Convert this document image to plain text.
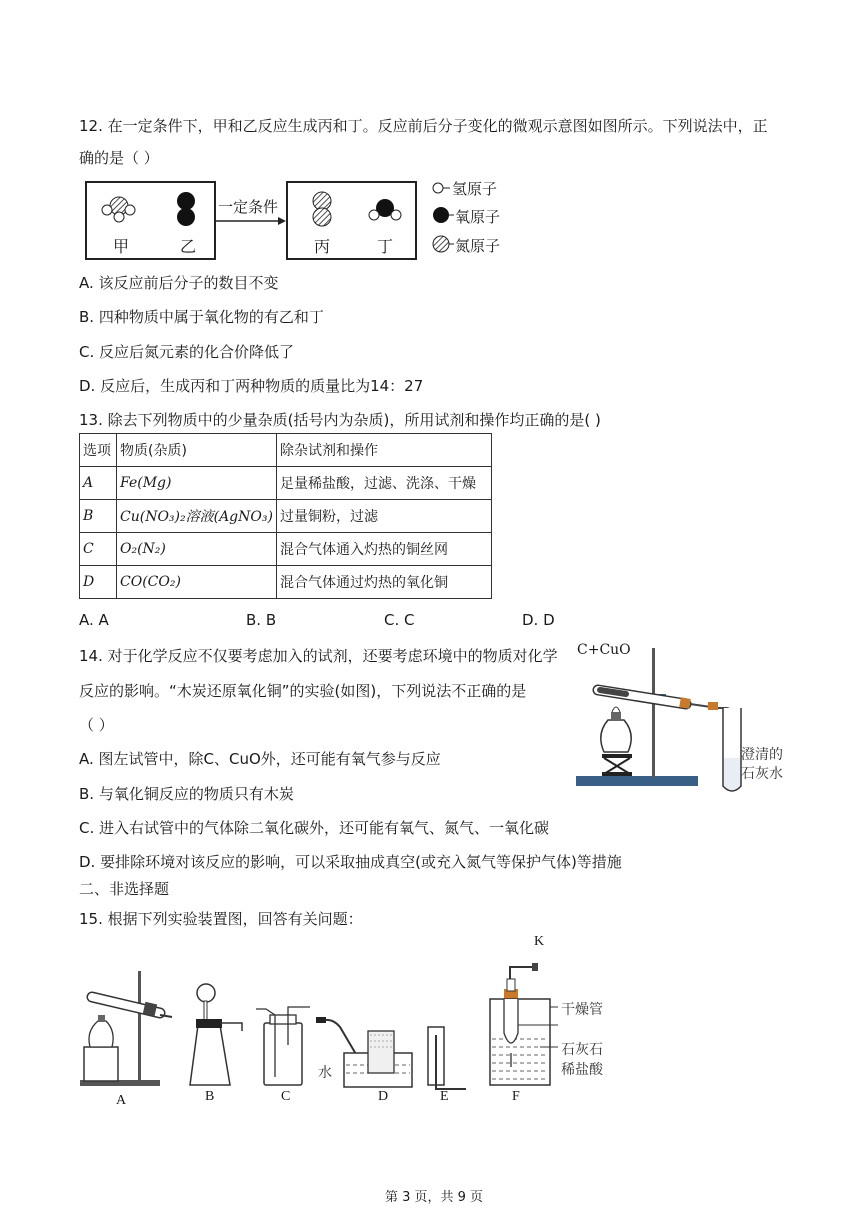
12. 在一定条件下，甲和乙反应生成丙和丁。反应前后分子变化的微观示意图如图所示。下列说法中，正
确的是（ ）
甲	乙
一定条件
丙	丁
氢原子
氧原子
氮原子
A. 该反应前后分子的数目不变
B. 四种物质中属于氧化物的有乙和丁
C. 反应后氮元素的化合价降低了
D. 反应后，生成丙和丁两种物质的质量比为14：27
13. 除去下列物质中的少量杂质(括号内为杂质)，所用试剂和操作均正确的是( )
选项	物质(杂质)	除杂试剂和操作
A	Fe(Mg)	足量稀盐酸，过滤、洗涤、干燥
B	Cu(NO₃)₂溶液(AgNO₃)	过量铜粉，过滤
C	O₂(N₂)	混合气体通入灼热的铜丝网
D	CO(CO₂)	混合气体通过灼热的氧化铜
A. A	B. B	C. C	D. D
14. 对于化学反应不仅要考虑加入的试剂，还要考虑环境中的物质对化学
反应的影响。“木炭还原氧化铜”的实验(如图)，下列说法不正确的是
（ ）
C+CuO
澄清的
石灰水
A. 图左试管中，除C、CuO外，还可能有氧气参与反应
B. 与氧化铜反应的物质只有木炭
C. 进入右试管中的气体除二氧化碳外，还可能有氧气、氮气、一氧化碳
D. 要排除环境对该反应的影响，可以采取抽成真空(或充入氮气等保护气体)等措施
二、非选择题
15. 根据下列实验装置图，回答有关问题：
K
干燥管
石灰石
稀盐酸
水
A	B	C	D	E	F
第 3 页，共 9 页
